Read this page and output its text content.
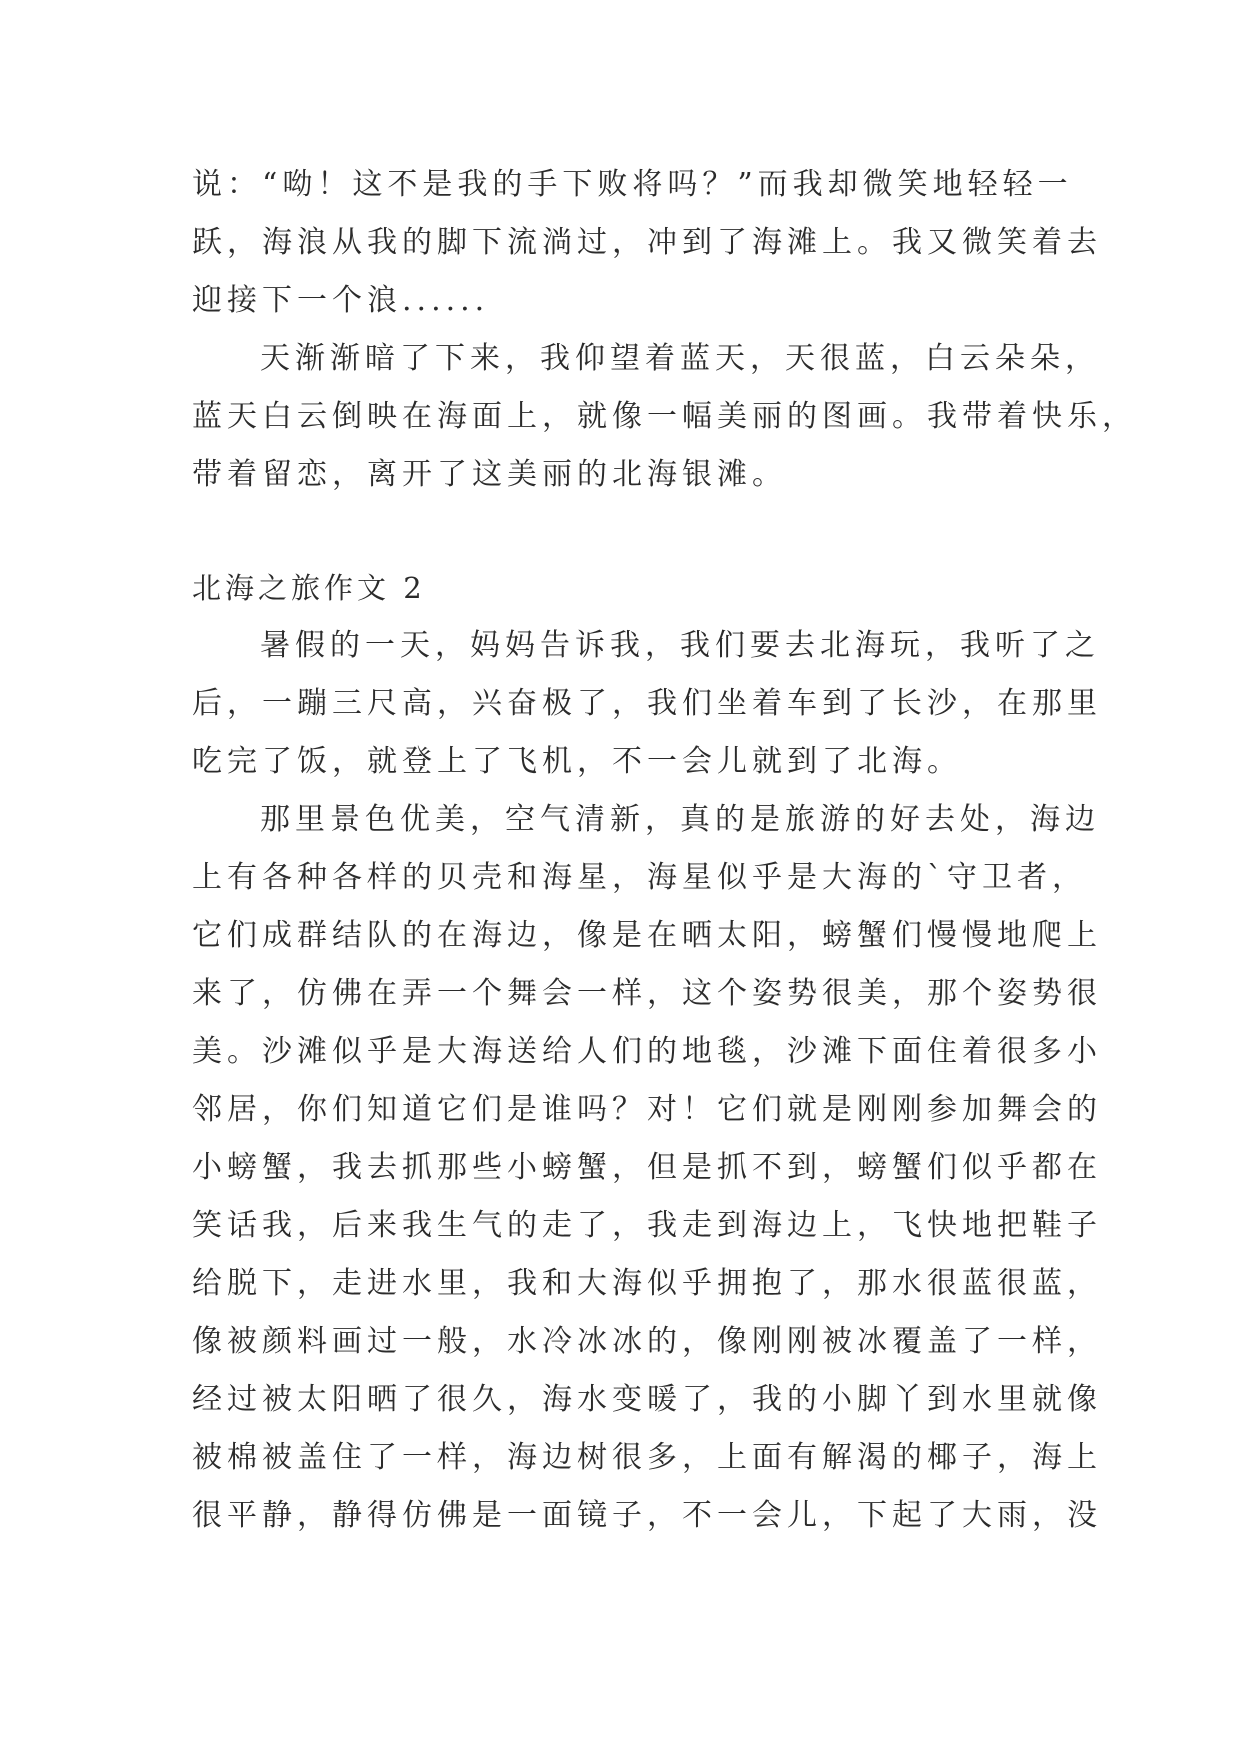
说：“呦！这不是我的手下败将吗？”而我却微笑地轻轻一
跃，海浪从我的脚下流淌过，冲到了海滩上。我又微笑着去
迎接下一个浪......
天渐渐暗了下来，我仰望着蓝天，天很蓝，白云朵朵，
蓝天白云倒映在海面上，就像一幅美丽的图画。我带着快乐，
带着留恋，离开了这美丽的北海银滩。
北海之旅作文 2
暑假的一天，妈妈告诉我，我们要去北海玩，我听了之
后，一蹦三尺高，兴奋极了，我们坐着车到了长沙，在那里
吃完了饭，就登上了飞机，不一会儿就到了北海。
那里景色优美，空气清新，真的是旅游的好去处，海边
上有各种各样的贝壳和海星，海星似乎是大海的`守卫者，
它们成群结队的在海边，像是在晒太阳，螃蟹们慢慢地爬上
来了，仿佛在弄一个舞会一样，这个姿势很美，那个姿势很
美。沙滩似乎是大海送给人们的地毯，沙滩下面住着很多小
邻居，你们知道它们是谁吗？对！它们就是刚刚参加舞会的
小螃蟹，我去抓那些小螃蟹，但是抓不到，螃蟹们似乎都在
笑话我，后来我生气的走了，我走到海边上，飞快地把鞋子
给脱下，走进水里，我和大海似乎拥抱了，那水很蓝很蓝，
像被颜料画过一般，水冷冰冰的，像刚刚被冰覆盖了一样，
经过被太阳晒了很久，海水变暖了，我的小脚丫到水里就像
被棉被盖住了一样，海边树很多，上面有解渴的椰子，海上
很平静，静得仿佛是一面镜子，不一会儿，下起了大雨，没
